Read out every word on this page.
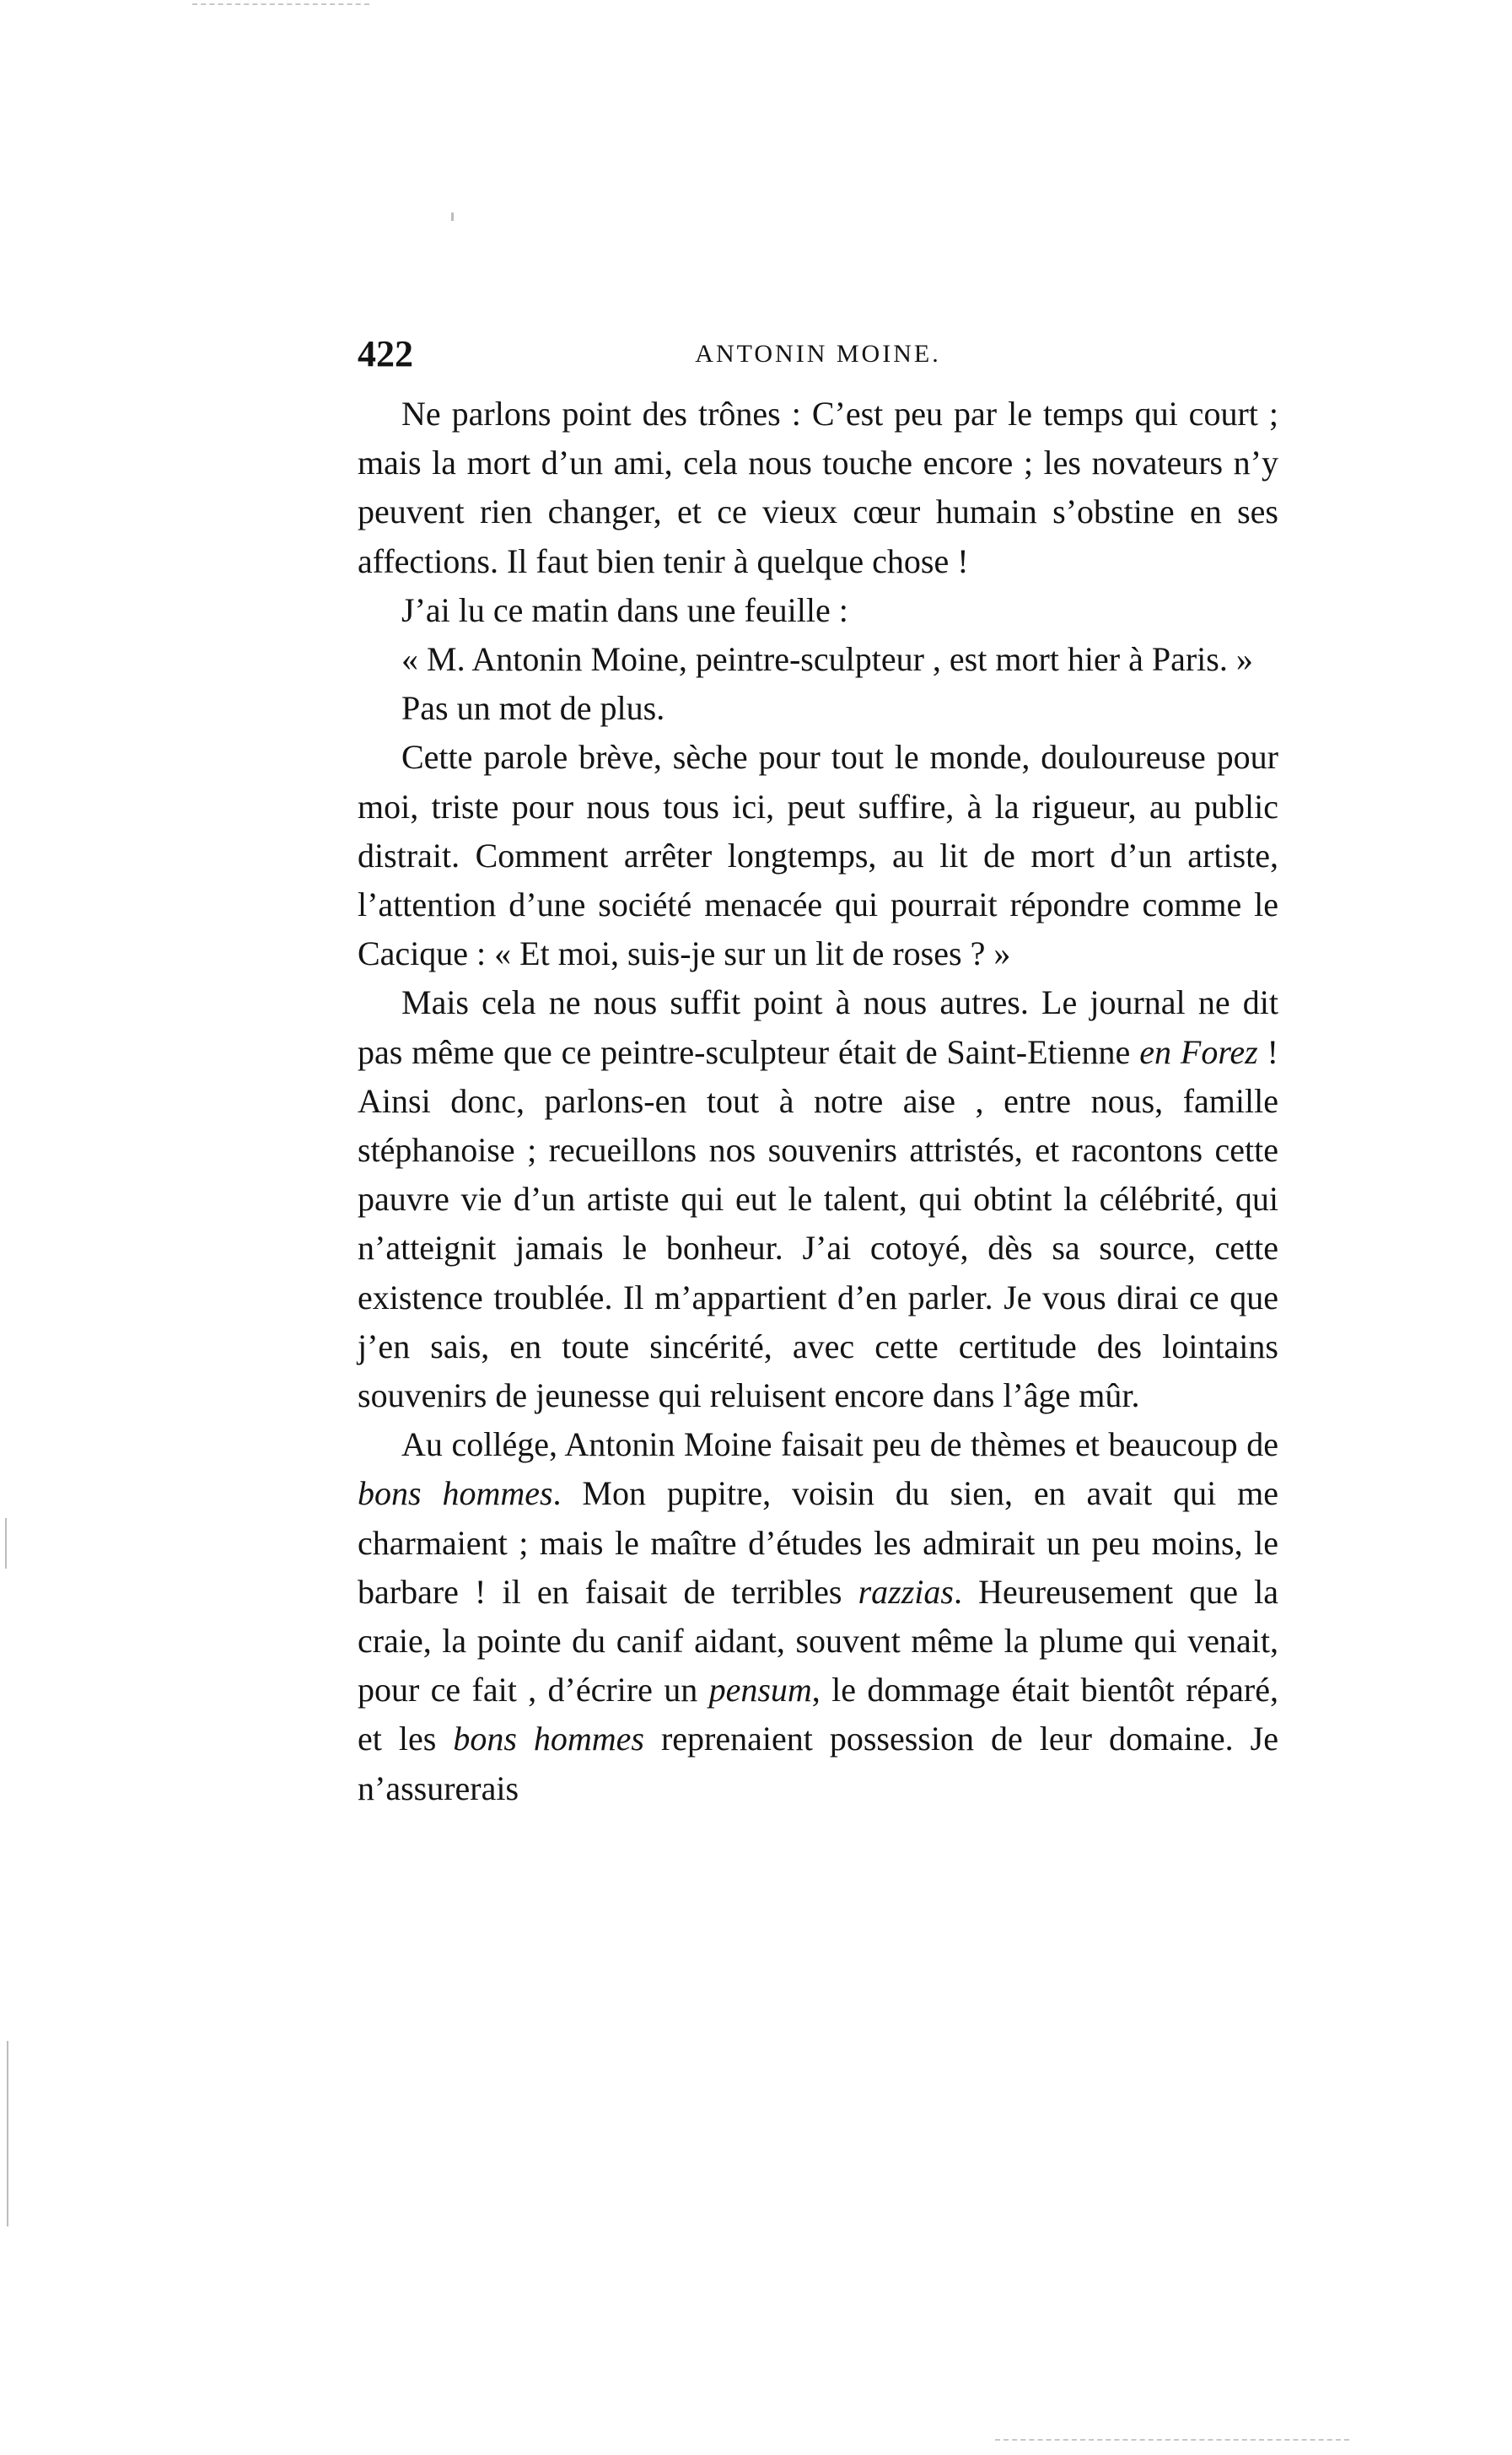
422	ANTONIN MOINE.

Ne parlons point des trônes : C’est peu par le temps qui court ; mais la mort d’un ami, cela nous touche encore ; les novateurs n’y peuvent rien changer, et ce vieux cœur humain s’obstine en ses affections. Il faut bien tenir à quelque chose !

J’ai lu ce matin dans une feuille :

« M. Antonin Moine, peintre-sculpteur , est mort hier à Paris. »

Pas un mot de plus.

Cette parole brève, sèche pour tout le monde, douloureuse pour moi, triste pour nous tous ici, peut suffire, à la rigueur, au public distrait. Comment arrêter longtemps, au lit de mort d’un artiste, l’attention d’une société menacée qui pourrait répondre comme le Cacique : « Et moi, suis-je sur un lit de roses ? »

Mais cela ne nous suffit point à nous autres. Le journal ne dit pas même que ce peintre-sculpteur était de Saint-Etienne en Forez ! Ainsi donc, parlons-en tout à notre aise , entre nous, famille stéphanoise ; recueillons nos souvenirs attristés, et racontons cette pauvre vie d’un artiste qui eut le talent, qui obtint la célébrité, qui n’atteignit jamais le bonheur. J’ai cotoyé, dès sa source, cette existence troublée. Il m’appartient d’en parler. Je vous dirai ce que j’en sais, en toute sincérité, avec cette certitude des lointains souvenirs de jeunesse qui reluisent encore dans l’âge mûr.

Au collége, Antonin Moine faisait peu de thèmes et beaucoup de bons hommes. Mon pupitre, voisin du sien, en avait qui me charmaient ; mais le maître d’études les admirait un peu moins, le barbare ! il en faisait de terribles razzias. Heureusement que la craie, la pointe du canif aidant, souvent même la plume qui venait, pour ce fait , d’écrire un pensum, le dommage était bientôt réparé, et les bons hommes reprenaient possession de leur domaine. Je n’assurerais
